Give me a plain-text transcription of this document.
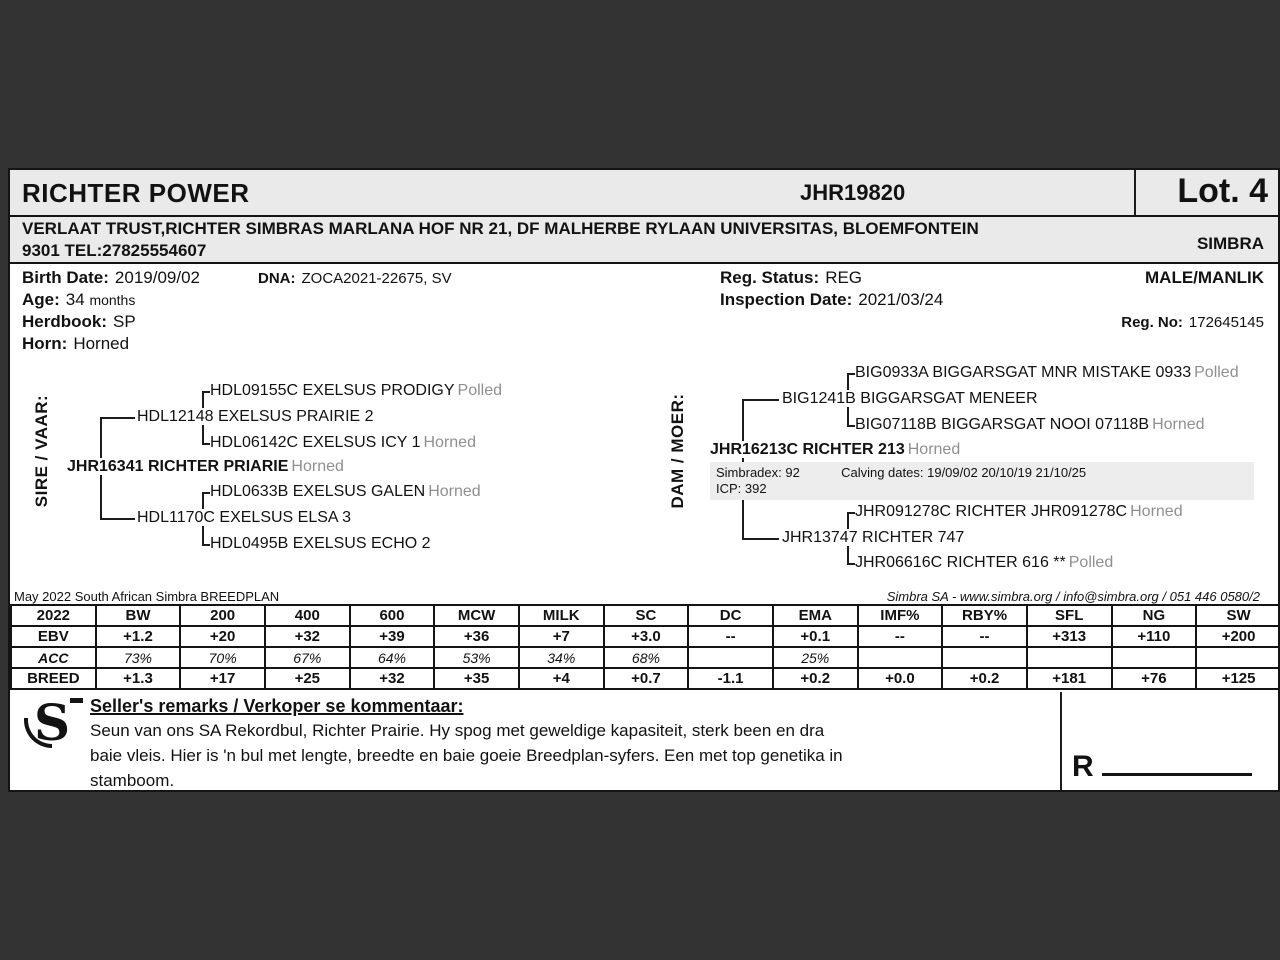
RICHTER POWER	JHR19820	Lot. 4
VERLAAT TRUST,RICHTER SIMBRAS MARLANA HOF NR 21, DF MALHERBE RYLAAN UNIVERSITAS, BLOEMFONTEIN
9301 TEL:27825554607	SIMBRA
Birth Date: 2019/09/02	DNA: ZOCA2021-22675, SV
Age: 34 months
Herdbook: SP
Horn: Horned
Reg. Status: REG
Inspection Date: 2021/03/24
MALE/MANLIK
Reg. No: 172645145
SIRE / VAAR:
HDL09155C EXELSUS PRODIGY Polled
HDL12148 EXELSUS PRAIRIE 2
HDL06142C EXELSUS ICY 1 Horned
JHR16341 RICHTER PRIARIE Horned
HDL0633B EXELSUS GALEN Horned
HDL1170C EXELSUS ELSA 3
HDL0495B EXELSUS ECHO 2
DAM / MOER:
BIG0933A BIGGARSGAT MNR MISTAKE 0933 Polled
BIG1241B BIGGARSGAT MENEER
BIG07118B BIGGARSGAT NOOI 07118B Horned
JHR16213C RICHTER 213 Horned
Simbradex: 92	Calving dates: 19/09/02 20/10/19 21/10/25
ICP: 392
JHR091278C RICHTER JHR091278C Horned
JHR13747 RICHTER 747
JHR06616C RICHTER 616 ** Polled
May 2022 South African Simbra BREEDPLAN	Simbra SA - www.simbra.org / info@simbra.org / 051 446 0580/2
2022	BW	200	400	600	MCW	MILK	SC	DC	EMA	IMF%	RBY%	SFL	NG	SW
EBV	+1.2	+20	+32	+39	+36	+7	+3.0	--	+0.1	--	--	+313	+110	+200
ACC	73%	70%	67%	64%	53%	34%	68%		25%					
BREED	+1.3	+17	+25	+32	+35	+4	+0.7	-1.1	+0.2	+0.0	+0.2	+181	+76	+125
S Seller's remarks / Verkoper se kommentaar:
Seun van ons SA Rekordbul, Richter Prairie. Hy spog met geweldige kapasiteit, sterk been en dra
baie vleis. Hier is 'n bul met lengte, breedte en baie goeie Breedplan-syfers. Een met top genetika in
stamboom.	R
